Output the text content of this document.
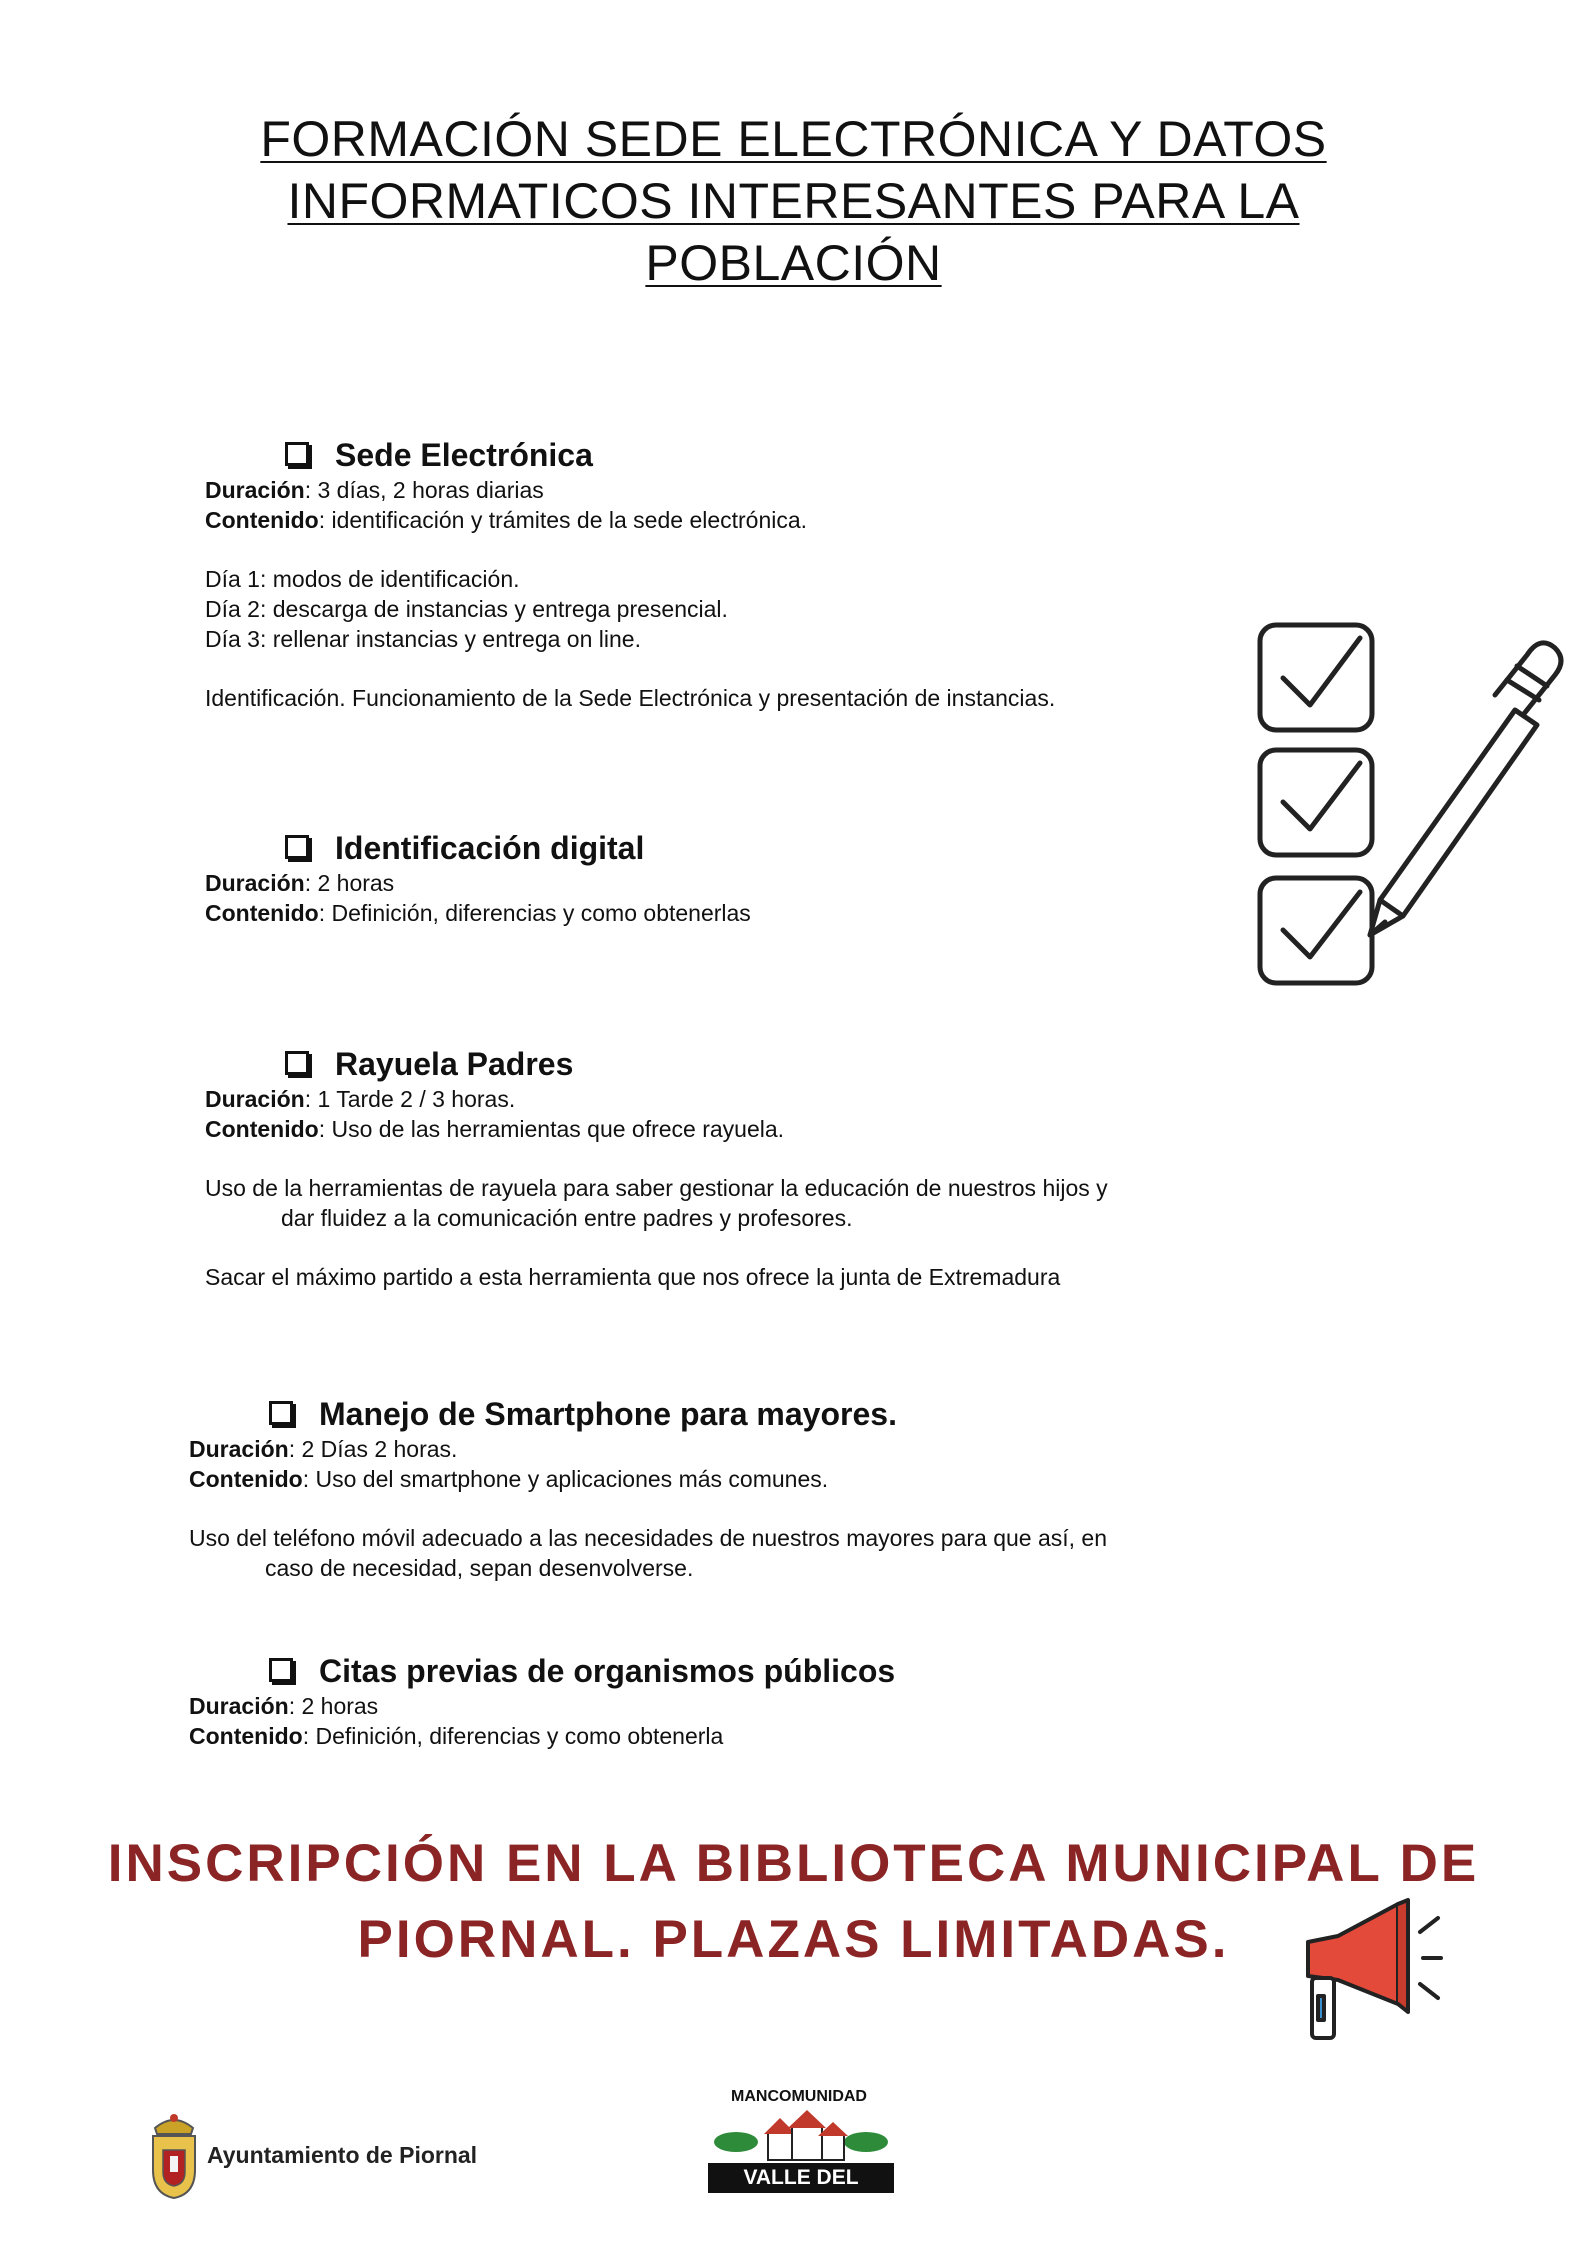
FORMACIÓN SEDE ELECTRÓNICA Y DATOS
INFORMATICOS INTERESANTES PARA LA
POBLACIÓN
Sede Electrónica
Duración: 3 días, 2 horas diarias
Contenido: identificación y trámites de la sede electrónica.
Día 1: modos de identificación.
Día 2: descarga de instancias y entrega presencial.
Día 3: rellenar instancias y entrega on line.
Identificación. Funcionamiento de la Sede Electrónica y presentación de instancias.
Identificación digital
Duración: 2 horas
Contenido: Definición, diferencias y como obtenerlas
Rayuela Padres
Duración: 1 Tarde 2 / 3 horas.
Contenido: Uso de las herramientas que ofrece rayuela.
Uso de la herramientas de rayuela para saber gestionar la educación de nuestros hijos y
dar fluidez a la comunicación entre padres y profesores.
Sacar el máximo partido a esta herramienta que nos ofrece la junta de Extremadura
Manejo de Smartphone para mayores.
Duración: 2 Días 2 horas.
Contenido: Uso del smartphone y aplicaciones más comunes.
Uso del teléfono móvil adecuado a las necesidades de nuestros mayores para que así, en
caso de necesidad, sepan desenvolverse.
Citas previas de organismos públicos
Duración: 2 horas
Contenido: Definición, diferencias y como obtenerla
INSCRIPCIÓN EN LA BIBLIOTECA MUNICIPAL DE
PIORNAL. PLAZAS LIMITADAS.
Ayuntamiento de Piornal
MANCOMUNIDAD
VALLE DEL JERTE
